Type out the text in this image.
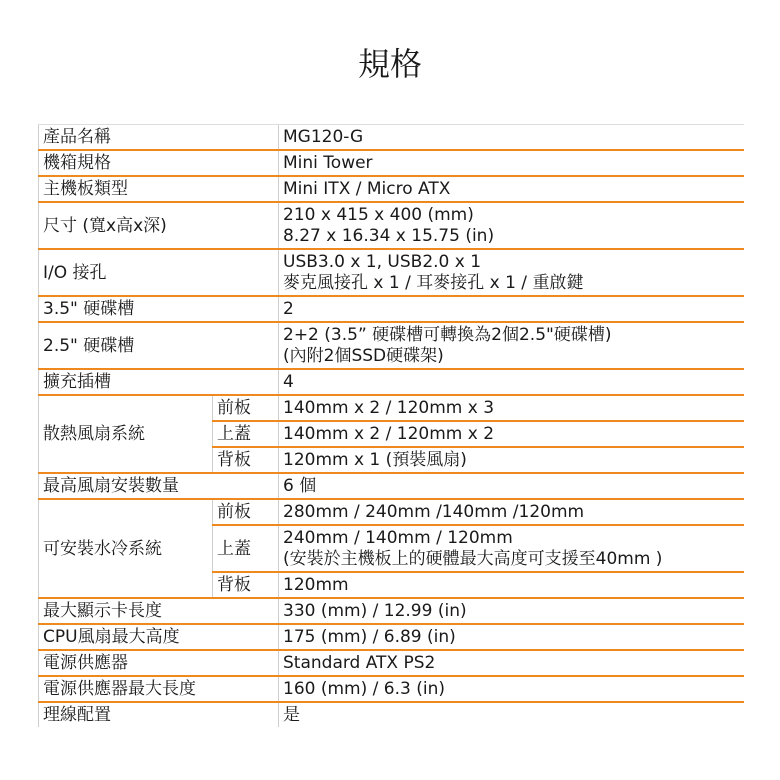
規格
產品名稱		MG120-G
機箱規格		Mini Tower
主機板類型		Mini ITX / Micro ATX
尺寸 (寬x高x深)		210 x 415 x 400 (mm)
8.27 x 16.34 x 15.75 (in)

I/O 接孔		USB3.0 x 1, USB2.0 x 1
麥克風接孔 x 1 / 耳麥接孔 x 1 / 重啟鍵

3.5" 硬碟槽		2
2.5" 硬碟槽		2+2 (3.5” 硬碟槽可轉換為2個2.5"硬碟槽)
(內附2個SSD硬碟架)

擴充插槽		4
散熱風扇系統	前板	140mm x 2 / 120mm x 3
	上蓋	140mm x 2 / 120mm x 2
	背板	120mm x 1 (預裝風扇)
最高風扇安裝數量		6 個
可安裝水冷系統	前板	280mm / 240mm /140mm /120mm
	上蓋	240mm / 140mm / 120mm
(安裝於主機板上的硬體最大高度可支援至40mm )

	背板	120mm
最大顯示卡長度		330 (mm) / 12.99 (in)
CPU風扇最大高度		175 (mm) / 6.89 (in)
電源供應器		Standard ATX PS2
電源供應器最大長度		160 (mm) / 6.3 (in)
理線配置		是
